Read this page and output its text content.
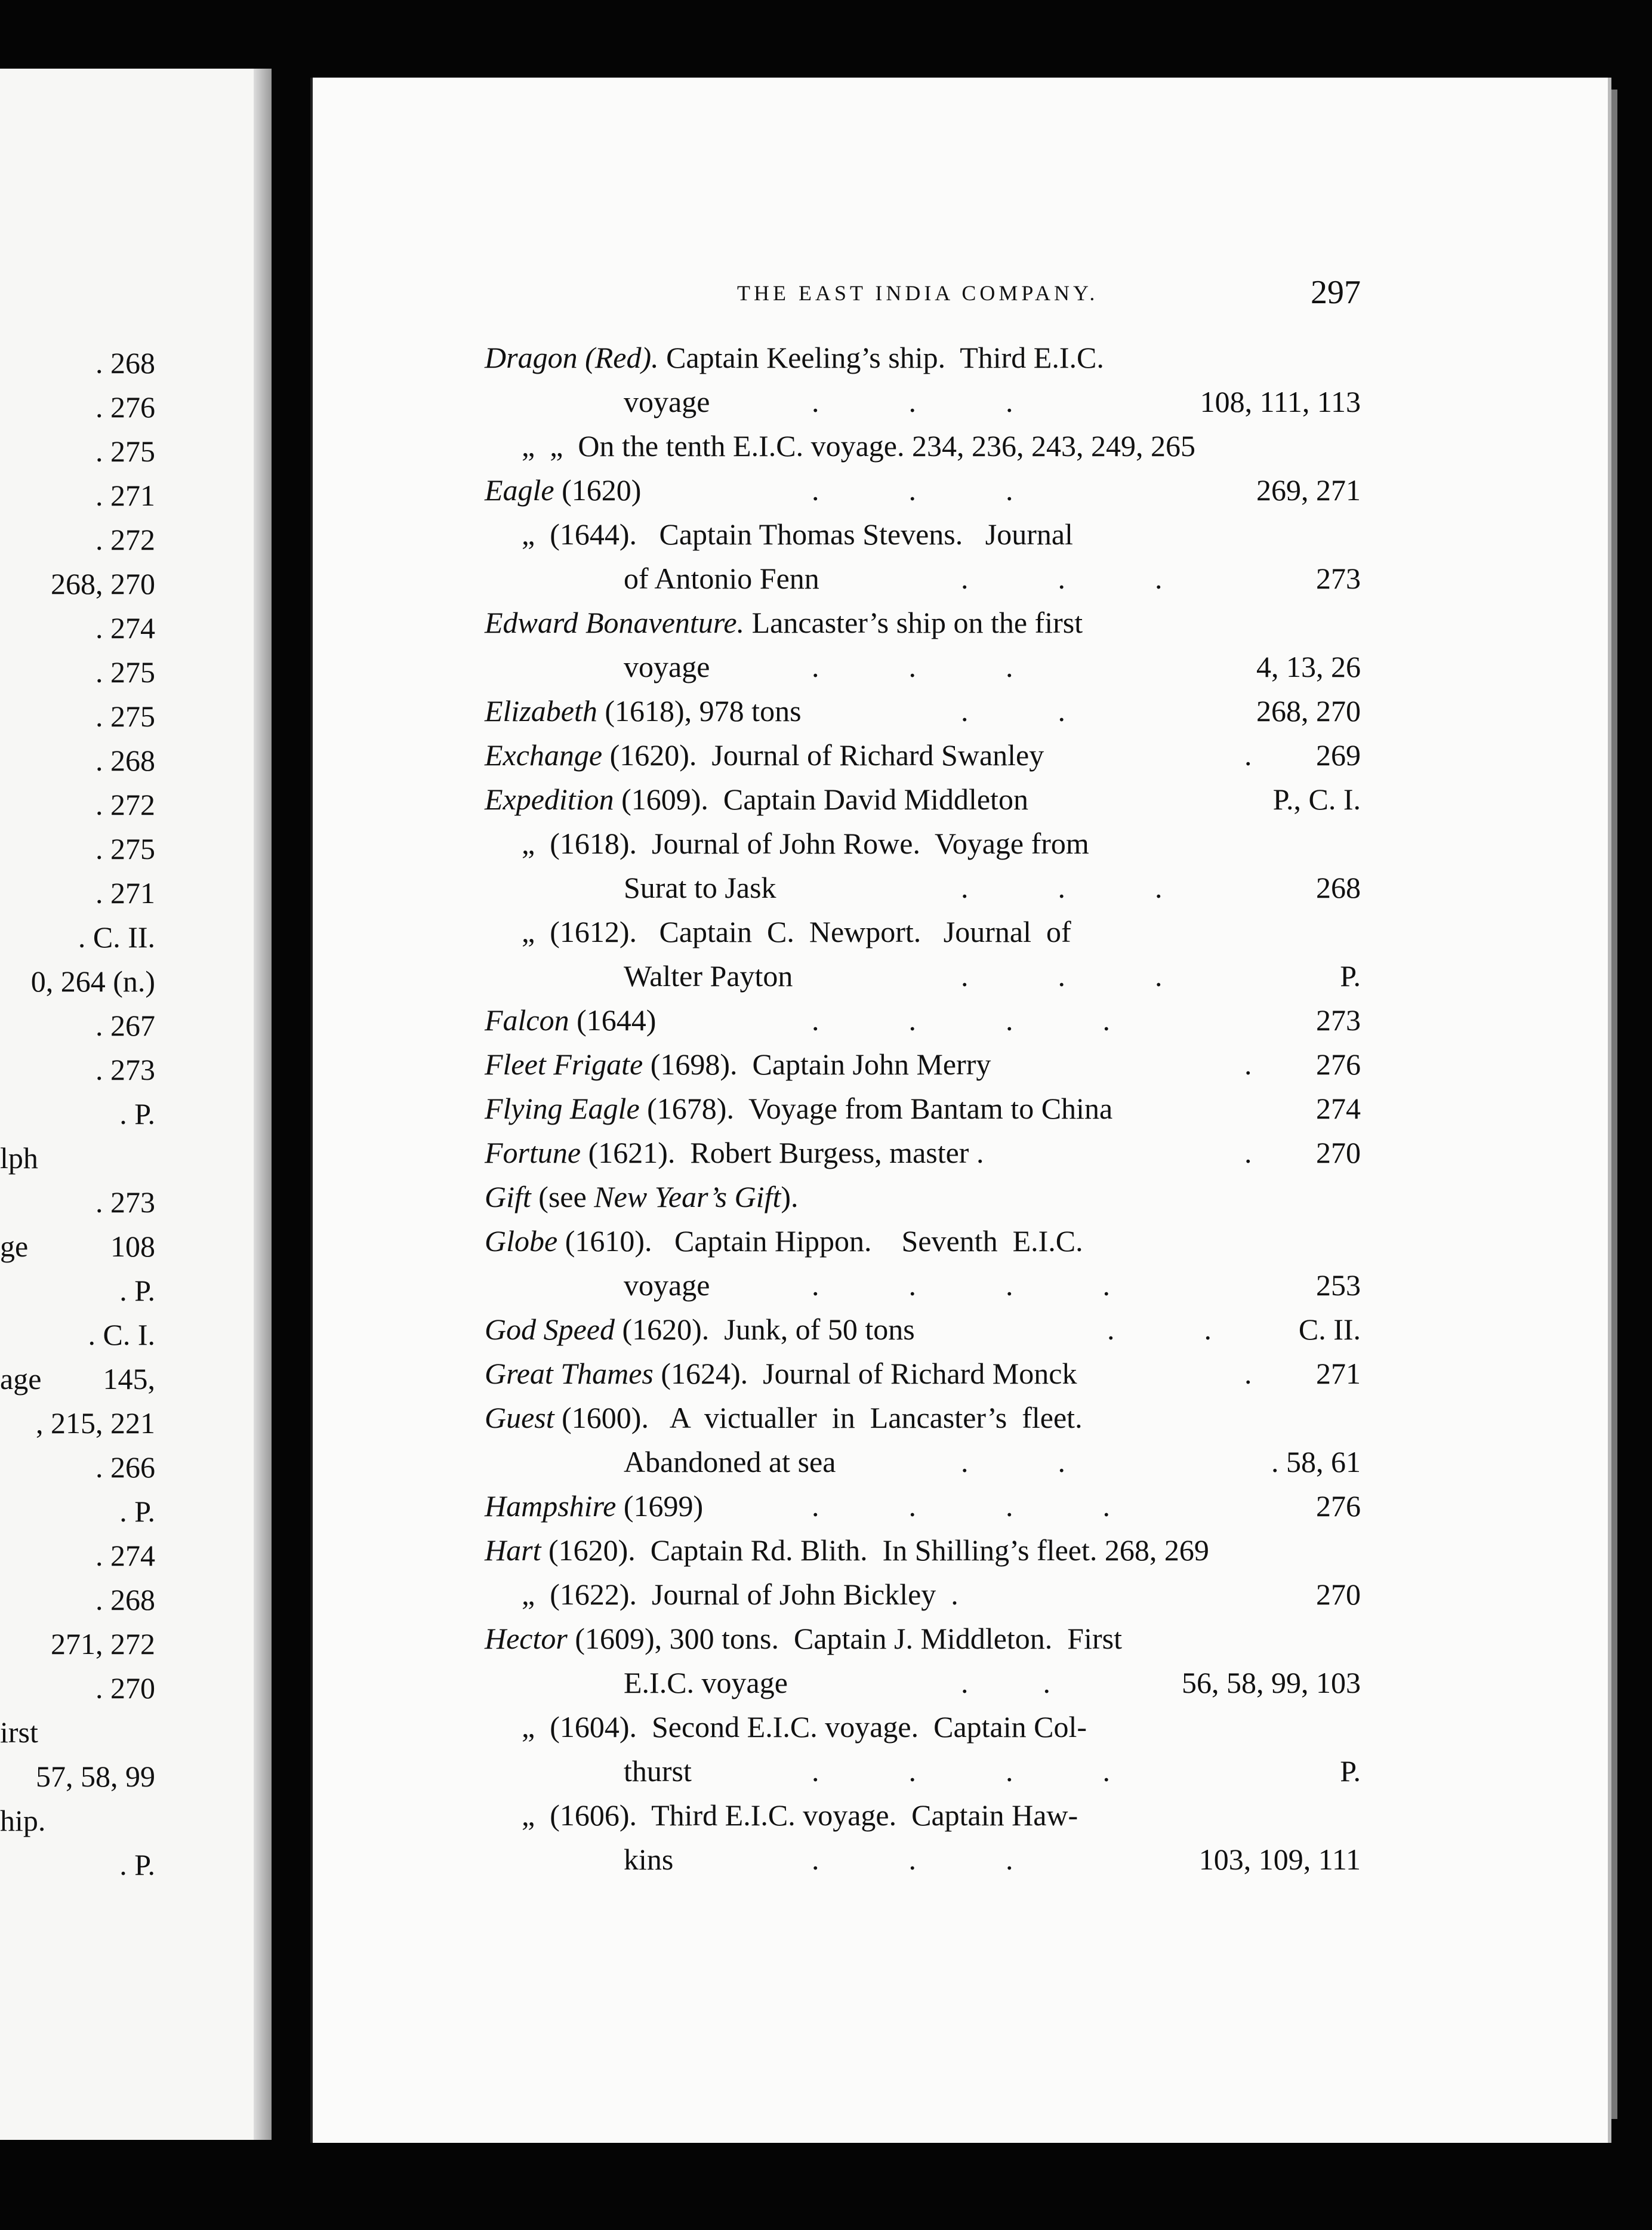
. 268
. 276
. 275
. 271
. 272
268, 270
. 274
. 275
. 275
. 268
. 272
. 275
. 271
. C. II.
0, 264 (n.)
. 267
. 273
. P.
lph
. 273
ge	108
. P.
. C. I.
age 145,
, 215, 221
. 266
. P.
. 274
. 268
271, 272
. 270
irst
57, 58, 99
hip.
. P.
THE EAST INDIA COMPANY.	297
Dragon (Red). Captain Keeling’s ship.  Third E.I.C.
voyage	.            .            .	108, 111, 113
„  „  On the tenth E.I.C. voyage. 234, 236, 243, 249, 265
Eagle (1620)	.            .            .	269, 271
„  (1644).   Captain Thomas Stevens.   Journal
of Antonio Fenn	.            .            .	273
Edward Bonaventure. Lancaster’s ship on the first
voyage	.            .            .	4, 13, 26
Elizabeth (1618), 978 tons	.            .	268, 270
Exchange (1620).  Journal of Richard Swanley	. 269
Expedition (1609).  Captain David Middleton	P., C. I.
„  (1618).  Journal of John Rowe.  Voyage from
Surat to Jask	.            .            .	268
„  (1612).   Captain  C.  Newport.   Journal  of
Walter Payton	.            .            .	P.
Falcon (1644)	.            .            .            .	273
Fleet Frigate (1698).  Captain John Merry	. 276
Flying Eagle (1678).  Voyage from Bantam to China	274
Fortune (1621).  Robert Burgess, master .	. 270
Gift (see New Year’s Gift).
Globe (1610).   Captain Hippon.    Seventh  E.I.C.
voyage	.            .            .            .	253
God Speed (1620).  Junk, of 50 tons	.            .	C. II.
Great Thames (1624).  Journal of Richard Monck	. 271
Guest (1600).   A  victualler  in  Lancaster’s  fleet.
Abandoned at sea	.            .	. 58, 61
Hampshire (1699)	.            .            .            .	276
Hart (1620).  Captain Rd. Blith.  In Shilling’s fleet. 268, 269
„  (1622).  Journal of John Bickley  .	270
Hector (1609), 300 tons.  Captain J. Middleton.  First
E.I.C. voyage	.          .	56, 58, 99, 103
„  (1604).  Second E.I.C. voyage.  Captain Col-
thurst	.            .            .            .	P.
„  (1606).  Third E.I.C. voyage.  Captain Haw-
kins	.            .            .	103, 109, 111
